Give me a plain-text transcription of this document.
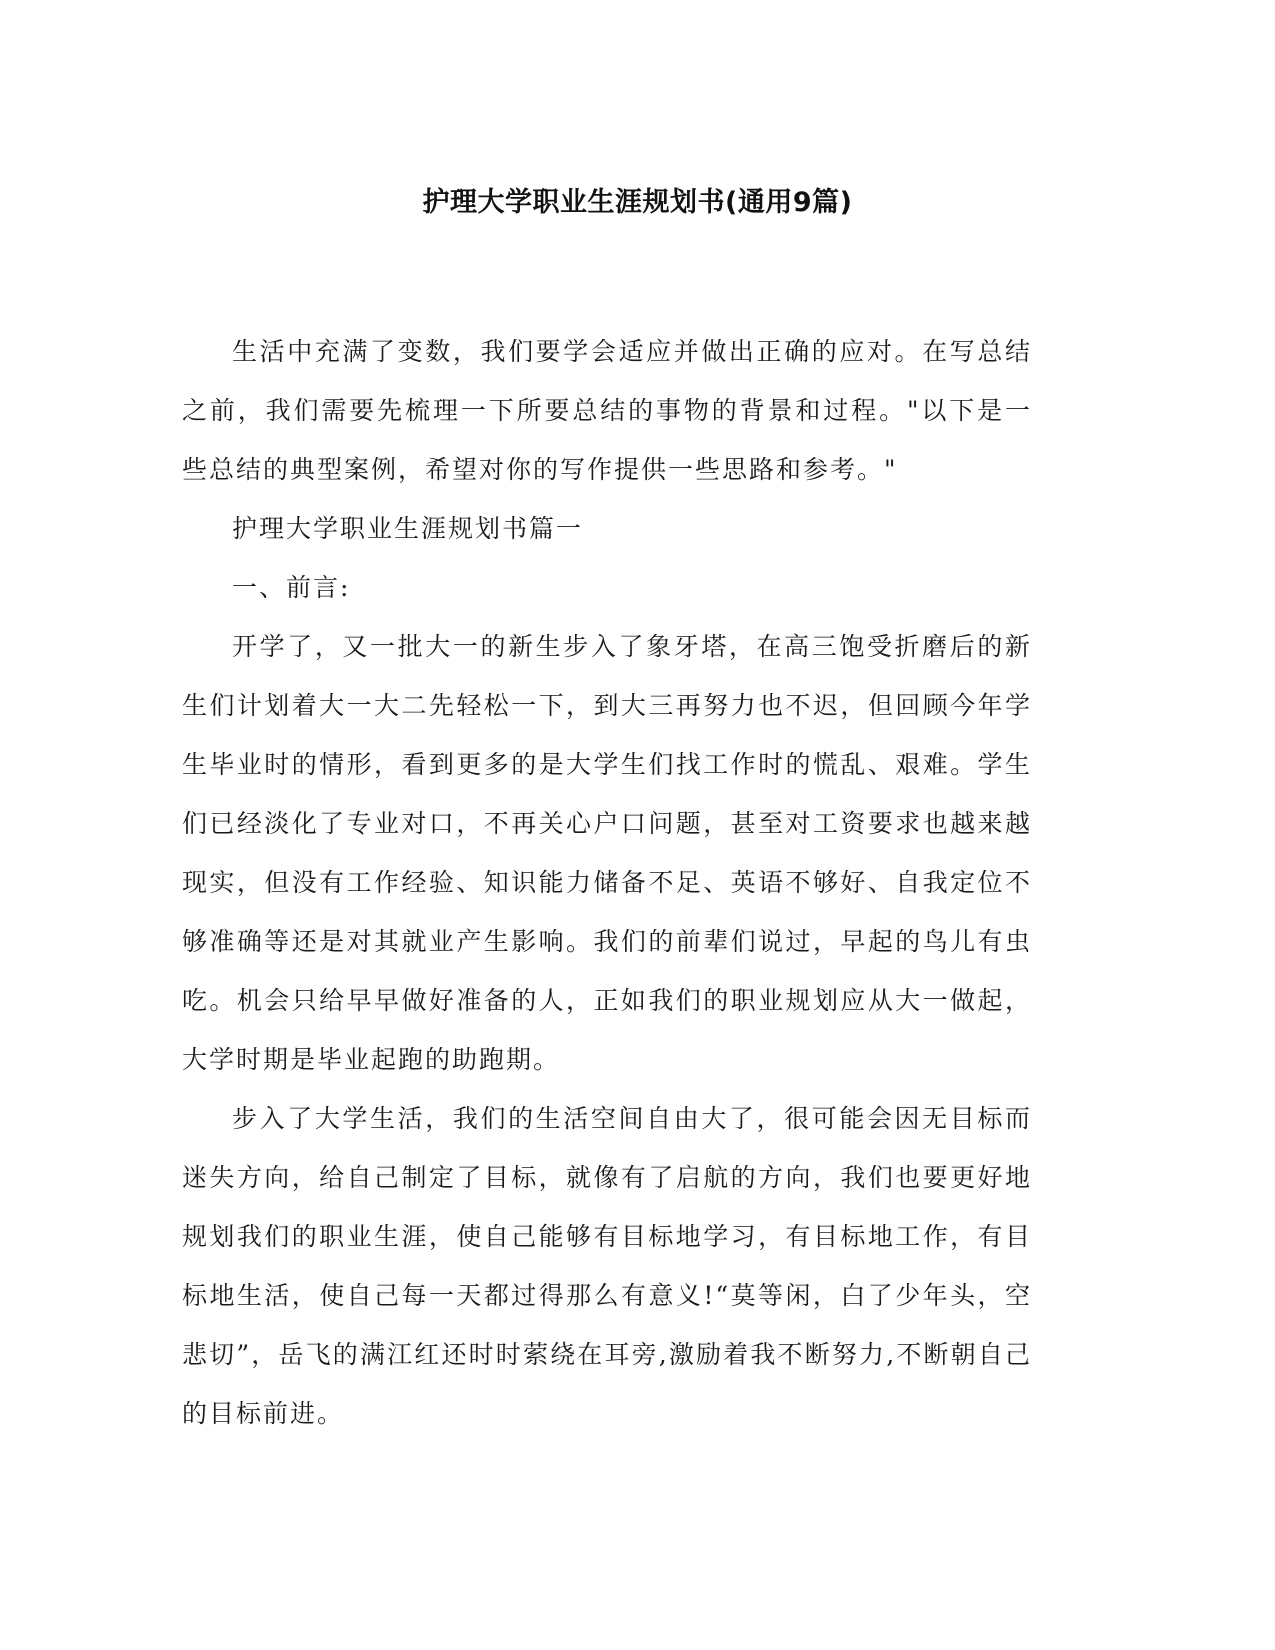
护理大学职业生涯规划书(通用9篇)

生活中充满了变数，我们要学会适应并做出正确的应对。在写总结之前，我们需要先梳理一下所要总结的事物的背景和过程。"以下是一些总结的典型案例，希望对你的写作提供一些思路和参考。"

护理大学职业生涯规划书篇一

一、前言:

开学了，又一批大一的新生步入了象牙塔，在高三饱受折磨后的新生们计划着大一大二先轻松一下，到大三再努力也不迟，但回顾今年学生毕业时的情形，看到更多的是大学生们找工作时的慌乱、艰难。学生们已经淡化了专业对口，不再关心户口问题，甚至对工资要求也越来越现实，但没有工作经验、知识能力储备不足、英语不够好、自我定位不够准确等还是对其就业产生影响。我们的前辈们说过，早起的鸟儿有虫吃。机会只给早早做好准备的人，正如我们的职业规划应从大一做起，大学时期是毕业起跑的助跑期。

步入了大学生活，我们的生活空间自由大了，很可能会因无目标而迷失方向，给自己制定了目标，就像有了启航的方向，我们也要更好地规划我们的职业生涯，使自己能够有目标地学习，有目标地工作，有目标地生活，使自己每一天都过得那么有意义!“莫等闲，白了少年头，空悲切”，岳飞的满江红还时时萦绕在耳旁,激励着我不断努力,不断朝自己的目标前进。
